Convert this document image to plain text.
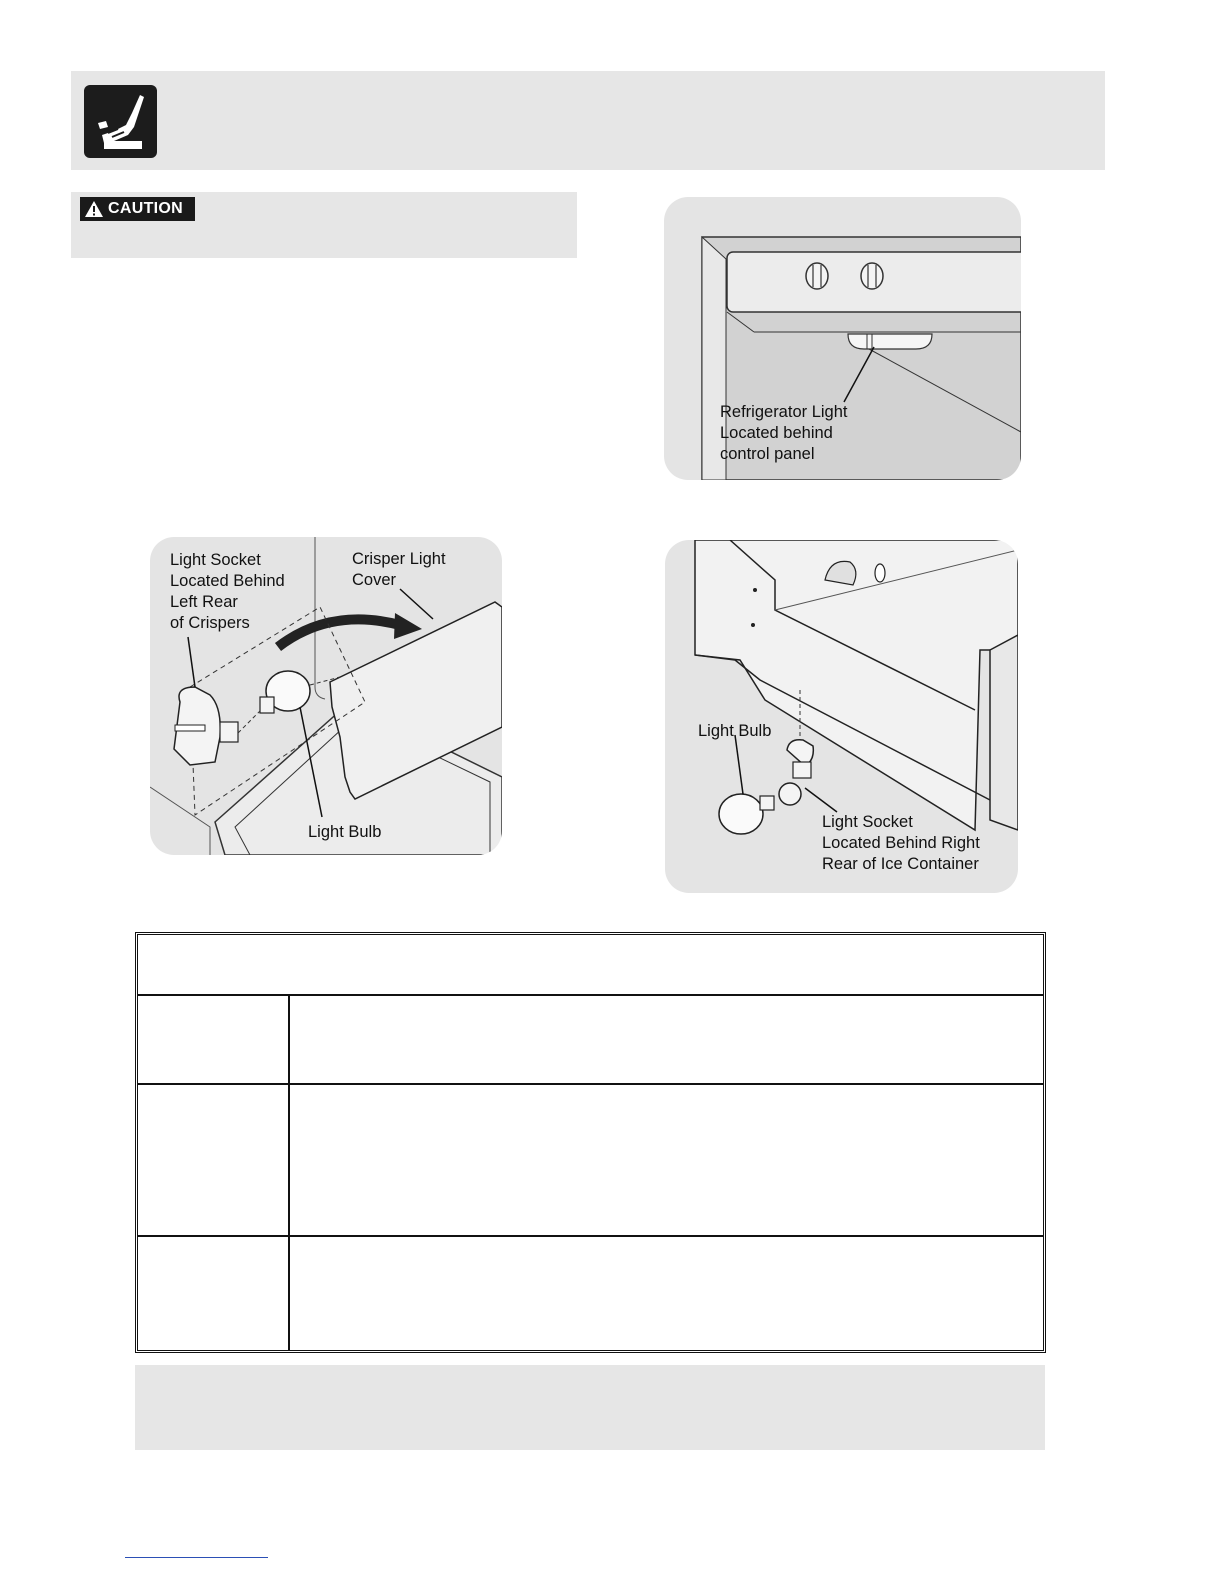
CAUTION
Refrigerator Light
Located behind
control panel
Light Socket
Located Behind
Left Rear
of Crispers
Crisper Light
Cover
Light Bulb
Light Bulb
Light Socket
Located Behind Right
Rear of Ice Container
